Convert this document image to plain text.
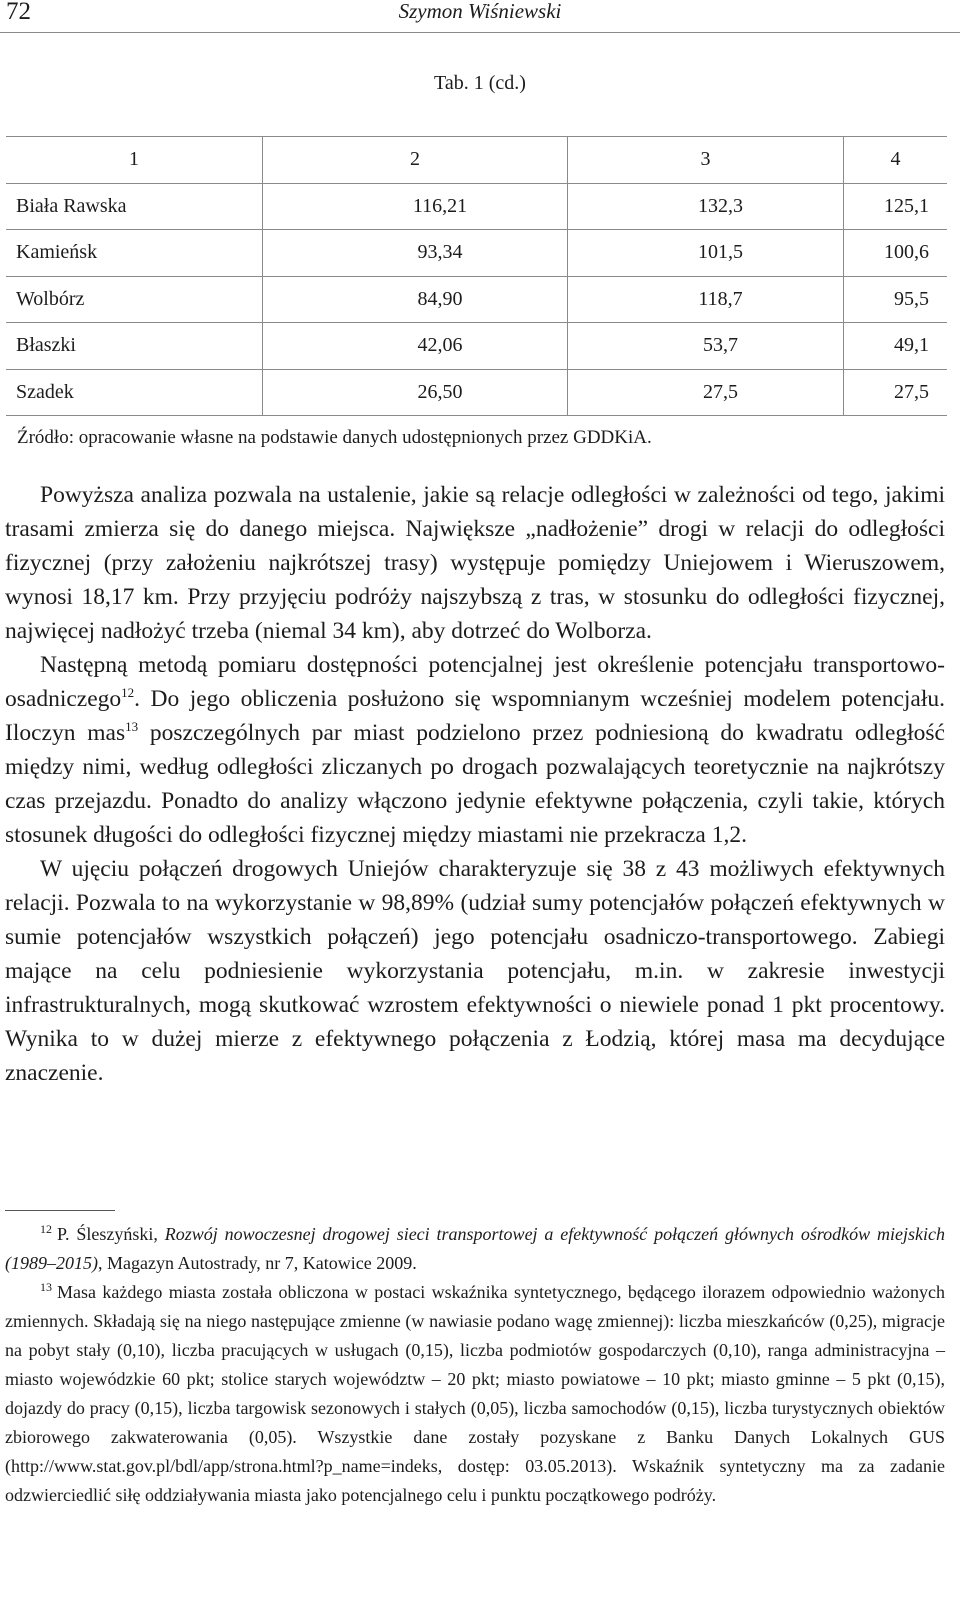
72	Szymon Wiśniewski
Tab. 1 (cd.)
1	2	3	4
Biała Rawska	116,21	132,3	125,1
Kamieńsk	93,34	101,5	100,6
Wolbórz	84,90	118,7	95,5
Błaszki	42,06	53,7	49,1
Szadek	26,50	27,5	27,5
Źródło: opracowanie własne na podstawie danych udostępnionych przez GDDKiA.

Powyższa analiza pozwala na ustalenie, jakie są relacje odległości w zależności od tego, jakimi trasami zmierza się do danego miejsca. Największe „nadłożenie” drogi w relacji do odległości fizycznej (przy założeniu najkrótszej trasy) występuje pomiędzy Uniejowem i Wieruszowem, wynosi 18,17 km. Przy przyjęciu podróży najszybszą z tras, w stosunku do odległości fizycznej, najwięcej nadłożyć trzeba (niemal 34 km), aby dotrzeć do Wolborza.

Następną metodą pomiaru dostępności potencjalnej jest określenie potencjału transportowo-osadniczego$^{12}$. Do jego obliczenia posłużono się wspomnianym wcześniej modelem potencjału. Iloczyn mas$^{13}$ poszczególnych par miast podzielono przez podniesioną do kwadratu odległość między nimi, według odległości zliczanych po drogach pozwalających teoretycznie na najkrótszy czas przejazdu. Ponadto do analizy włączono jedynie efektywne połączenia, czyli takie, których stosunek długości do odległości fizycznej między miastami nie przekracza 1,2.

W ujęciu połączeń drogowych Uniejów charakteryzuje się 38 z 43 możliwych efektywnych relacji. Pozwala to na wykorzystanie w 98,89% (udział sumy potencjałów połączeń efektywnych w sumie potencjałów wszystkich połączeń) jego potencjału osadniczo-transportowego. Zabiegi mające na celu podniesienie wykorzystania potencjału, m.in. w zakresie inwestycji infrastrukturalnych, mogą skutkować wzrostem efektywności o niewiele ponad 1 pkt procentowy. Wynika to w dużej mierze z efektywnego połączenia z Łodzią, której masa ma decydujące znaczenie.

$^{12}$ P. Śleszyński, Rozwój nowoczesnej drogowej sieci transportowej a efektywność połączeń głównych ośrodków miejskich (1989–2015), Magazyn Autostrady, nr 7, Katowice 2009.

$^{13}$ Masa każdego miasta została obliczona w postaci wskaźnika syntetycznego, będącego ilorazem odpowiednio ważonych zmiennych. Składają się na niego następujące zmienne (w nawiasie podano wagę zmiennej): liczba mieszkańców (0,25), migracje na pobyt stały (0,10), liczba pracujących w usługach (0,15), liczba podmiotów gospodarczych (0,10), ranga administracyjna – miasto wojewódzkie 60 pkt; stolice starych województw – 20 pkt; miasto powiatowe – 10 pkt; miasto gminne – 5 pkt (0,15), dojazdy do pracy (0,15), liczba targowisk sezonowych i stałych (0,05), liczba samochodów (0,15), liczba turystycznych obiektów zbiorowego zakwaterowania (0,05). Wszystkie dane zostały pozyskane z Banku Danych Lokalnych GUS (http://www.stat.gov.pl/bdl/app/strona.html?p_name=indeks, dostęp: 03.05.2013). Wskaźnik syntetyczny ma za zadanie odzwierciedlić siłę oddziaływania miasta jako potencjalnego celu i punktu początkowego podróży.
